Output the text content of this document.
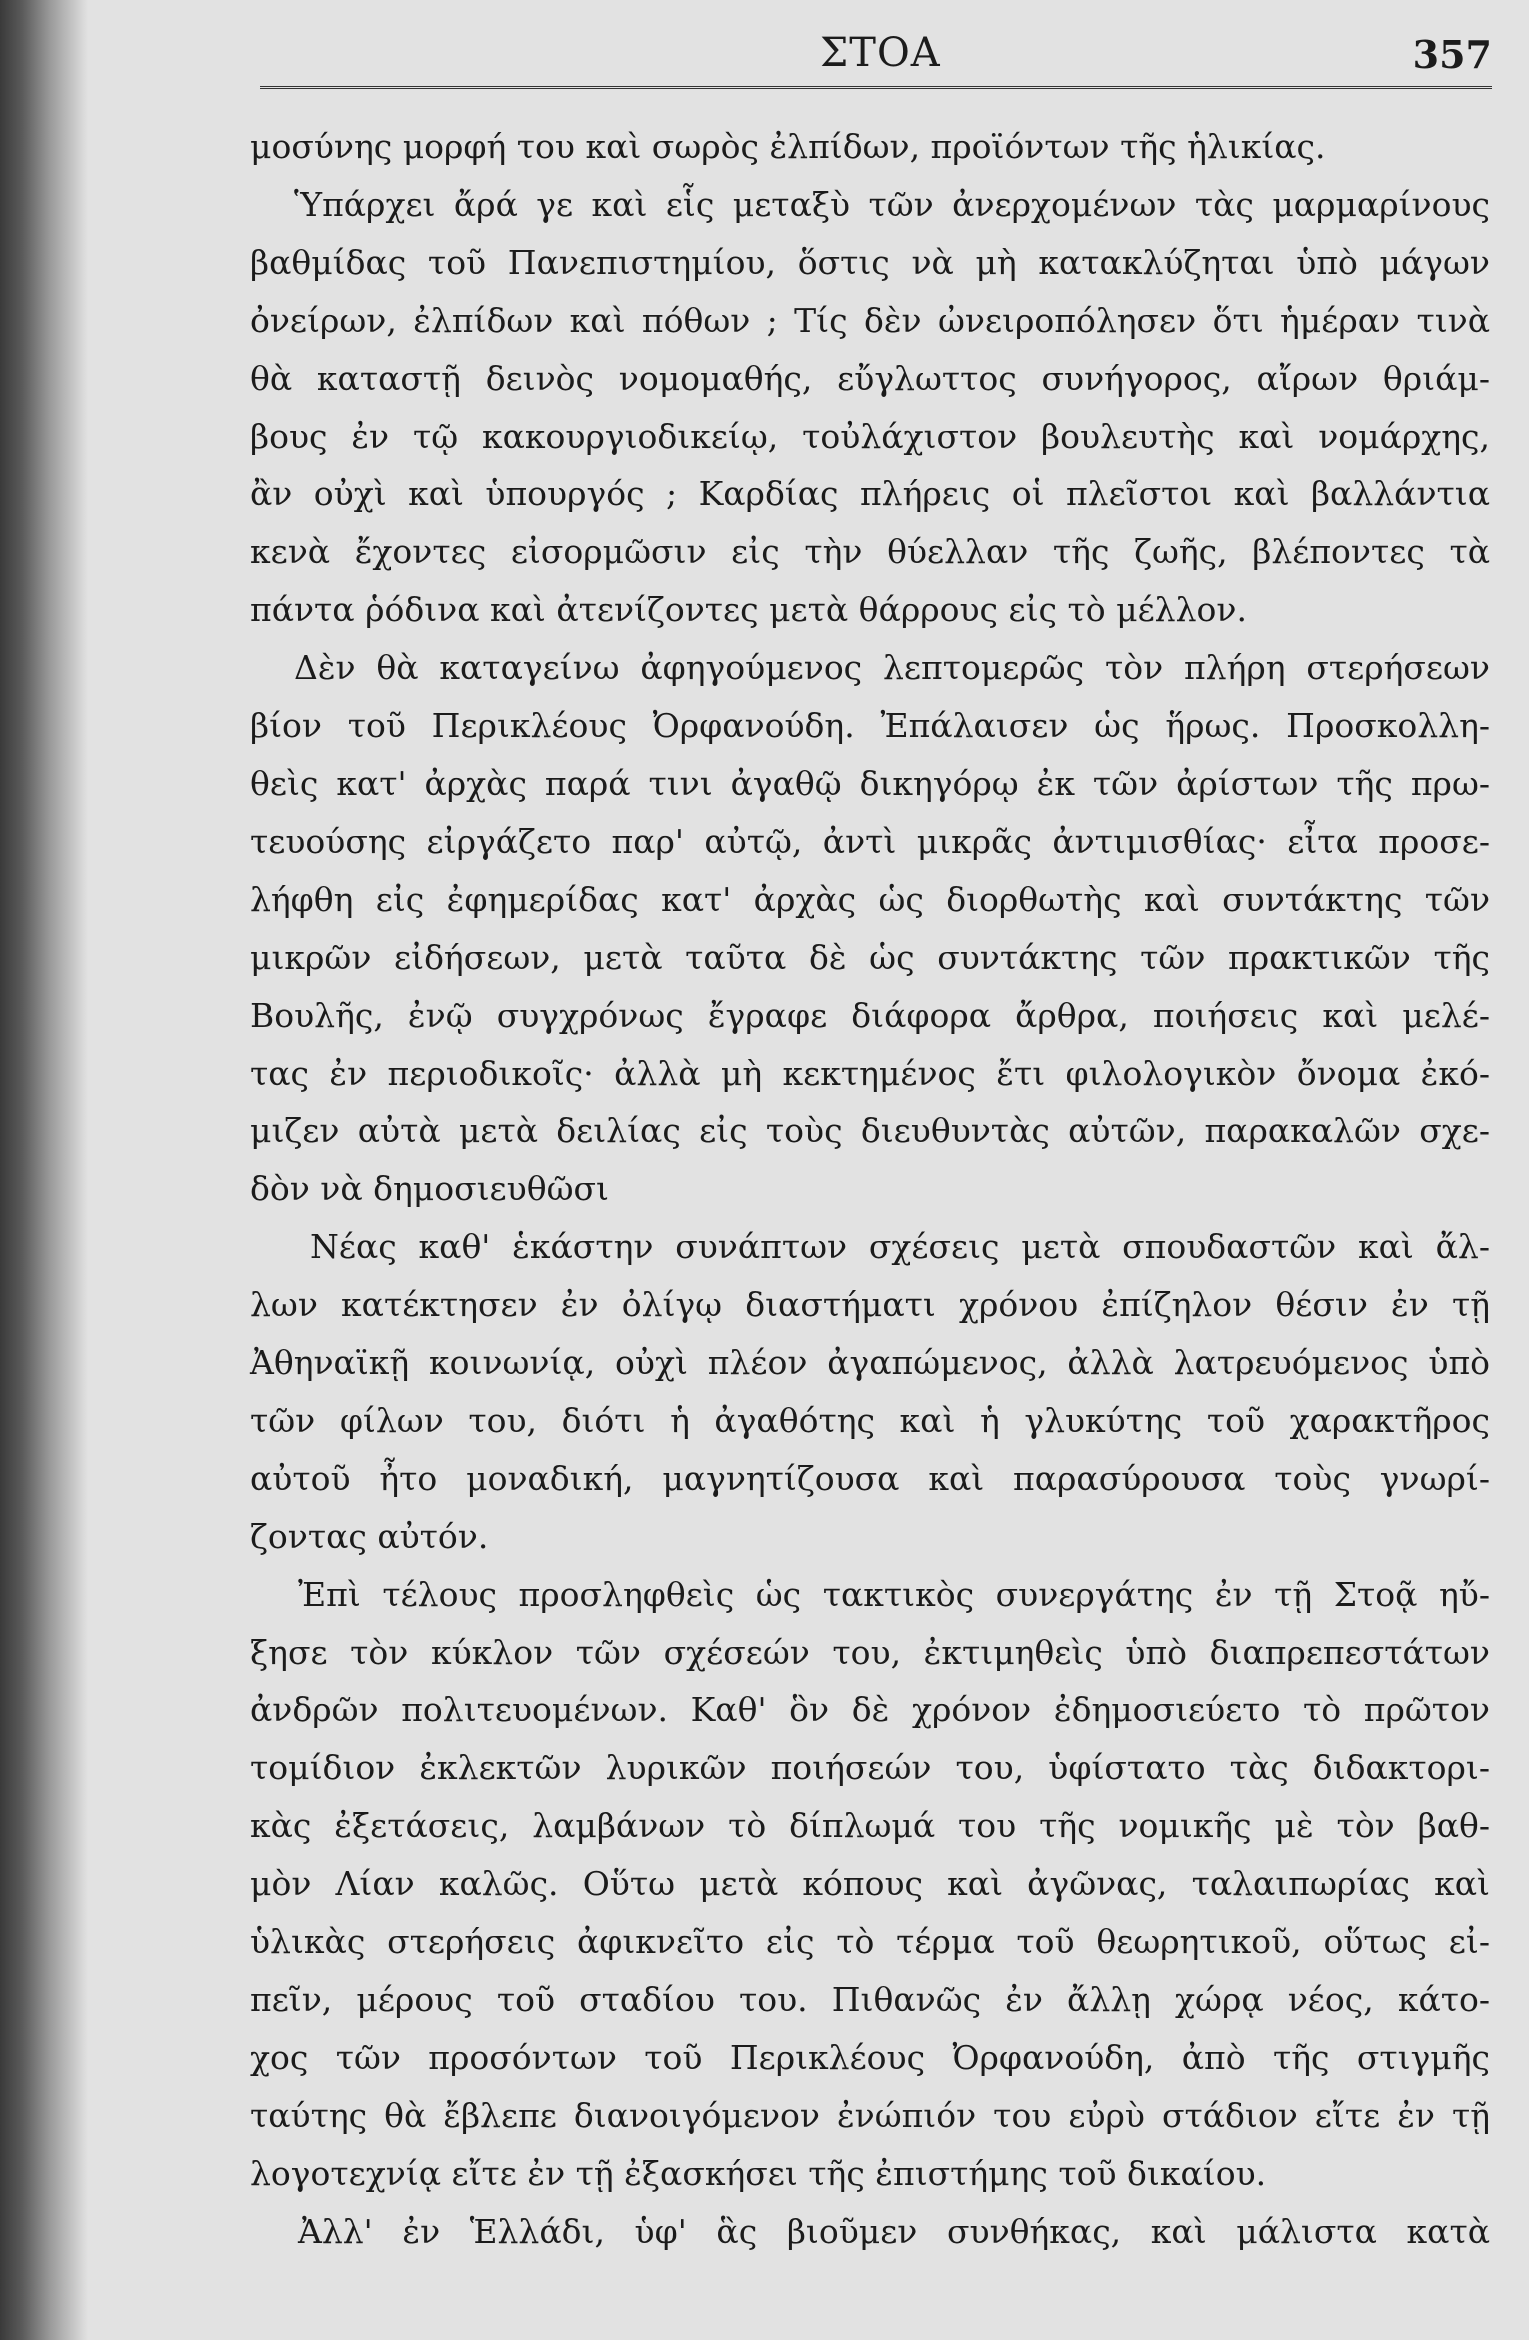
ΣΤΟΑ	357
μοσύνης μορφή του καὶ σωρὸς ἐλπίδων, προϊόντων τῆς ἡλικίας.
Ὑπάρχει ἄρά γε καὶ εἷς μεταξὺ τῶν ἀνερχομένων τὰς μαρμαρίνους
βαθμίδας τοῦ Πανεπιστημίου, ὅστις νὰ μὴ κατακλύζηται ὑπὸ μάγων
ὀνείρων, ἐλπίδων καὶ πόθων ; Τίς δὲν ὠνειροπόλησεν ὅτι ἡμέραν τινὰ
θὰ καταστῇ δεινὸς νομομαθής, εὔγλωττος συνήγορος, αἴρων θριάμ-
βους ἐν τῷ κακουργιοδικείῳ, τοὐλάχιστον βουλευτὴς καὶ νομάρχης,
ἂν οὐχὶ καὶ ὑπουργός ; Καρδίας πλήρεις οἱ πλεῖστοι καὶ βαλλάντια
κενὰ ἔχοντες εἰσορμῶσιν εἰς τὴν θύελλαν τῆς ζωῆς, βλέποντες τὰ
πάντα ῥόδινα καὶ ἀτενίζοντες μετὰ θάρρους εἰς τὸ μέλλον.
Δὲν θὰ καταγείνω ἀφηγούμενος λεπτομερῶς τὸν πλήρη στερήσεων
βίον τοῦ Περικλέους Ὀρφανούδη. Ἐπάλαισεν ὡς ἥρως. Προσκολλη-
θεὶς κατ' ἀρχὰς παρά τινι ἀγαθῷ δικηγόρῳ ἐκ τῶν ἀρίστων τῆς πρω-
τευούσης εἰργάζετο παρ' αὐτῷ, ἀντὶ μικρᾶς ἀντιμισθίας· εἶτα προσε-
λήφθη εἰς ἐφημερίδας κατ' ἀρχὰς ὡς διορθωτὴς καὶ συντάκτης τῶν
μικρῶν εἰδήσεων, μετὰ ταῦτα δὲ ὡς συντάκτης τῶν πρακτικῶν τῆς
Βουλῆς, ἐνῷ συγχρόνως ἔγραφε διάφορα ἄρθρα, ποιήσεις καὶ μελέ-
τας ἐν περιοδικοῖς· ἀλλὰ μὴ κεκτημένος ἔτι φιλολογικὸν ὄνομα ἐκό-
μιζεν αὐτὰ μετὰ δειλίας εἰς τοὺς διευθυντὰς αὐτῶν, παρακαλῶν σχε-
δὸν νὰ δημοσιευθῶσι
Νέας καθ' ἑκάστην συνάπτων σχέσεις μετὰ σπουδαστῶν καὶ ἄλ-
λων κατέκτησεν ἐν ὀλίγῳ διαστήματι χρόνου ἐπίζηλον θέσιν ἐν τῇ
Ἀθηναϊκῇ κοινωνίᾳ, οὐχὶ πλέον ἀγαπώμενος, ἀλλὰ λατρευόμενος ὑπὸ
τῶν φίλων του, διότι ἡ ἀγαθότης καὶ ἡ γλυκύτης τοῦ χαρακτῆρος
αὐτοῦ ἦτο μοναδική, μαγνητίζουσα καὶ παρασύρουσα τοὺς γνωρί-
ζοντας αὐτόν.
Ἐπὶ τέλους προσληφθεὶς ὡς τακτικὸς συνεργάτης ἐν τῇ Στοᾷ ηὔ-
ξησε τὸν κύκλον τῶν σχέσεών του, ἐκτιμηθεὶς ὑπὸ διαπρεπεστάτων
ἀνδρῶν πολιτευομένων. Καθ' ὃν δὲ χρόνον ἐδημοσιεύετο τὸ πρῶτον
τομίδιον ἐκλεκτῶν λυρικῶν ποιήσεών του, ὑφίστατο τὰς διδακτορι-
κὰς ἐξετάσεις, λαμβάνων τὸ δίπλωμά του τῆς νομικῆς μὲ τὸν βαθ-
μὸν Λίαν καλῶς. Οὕτω μετὰ κόπους καὶ ἀγῶνας, ταλαιπωρίας καὶ
ὑλικὰς στερήσεις ἀφικνεῖτο εἰς τὸ τέρμα τοῦ θεωρητικοῦ, οὕτως εἰ-
πεῖν, μέρους τοῦ σταδίου του. Πιθανῶς ἐν ἄλλῃ χώρᾳ νέος, κάτο-
χος τῶν προσόντων τοῦ Περικλέους Ὀρφανούδη, ἀπὸ τῆς στιγμῆς
ταύτης θὰ ἔβλεπε διανοιγόμενον ἐνώπιόν του εὐρὺ στάδιον εἴτε ἐν τῇ
λογοτεχνίᾳ εἴτε ἐν τῇ ἐξασκήσει τῆς ἐπιστήμης τοῦ δικαίου.
Ἀλλ' ἐν Ἑλλάδι, ὑφ' ἃς βιοῦμεν συνθήκας, καὶ μάλιστα κατὰ
